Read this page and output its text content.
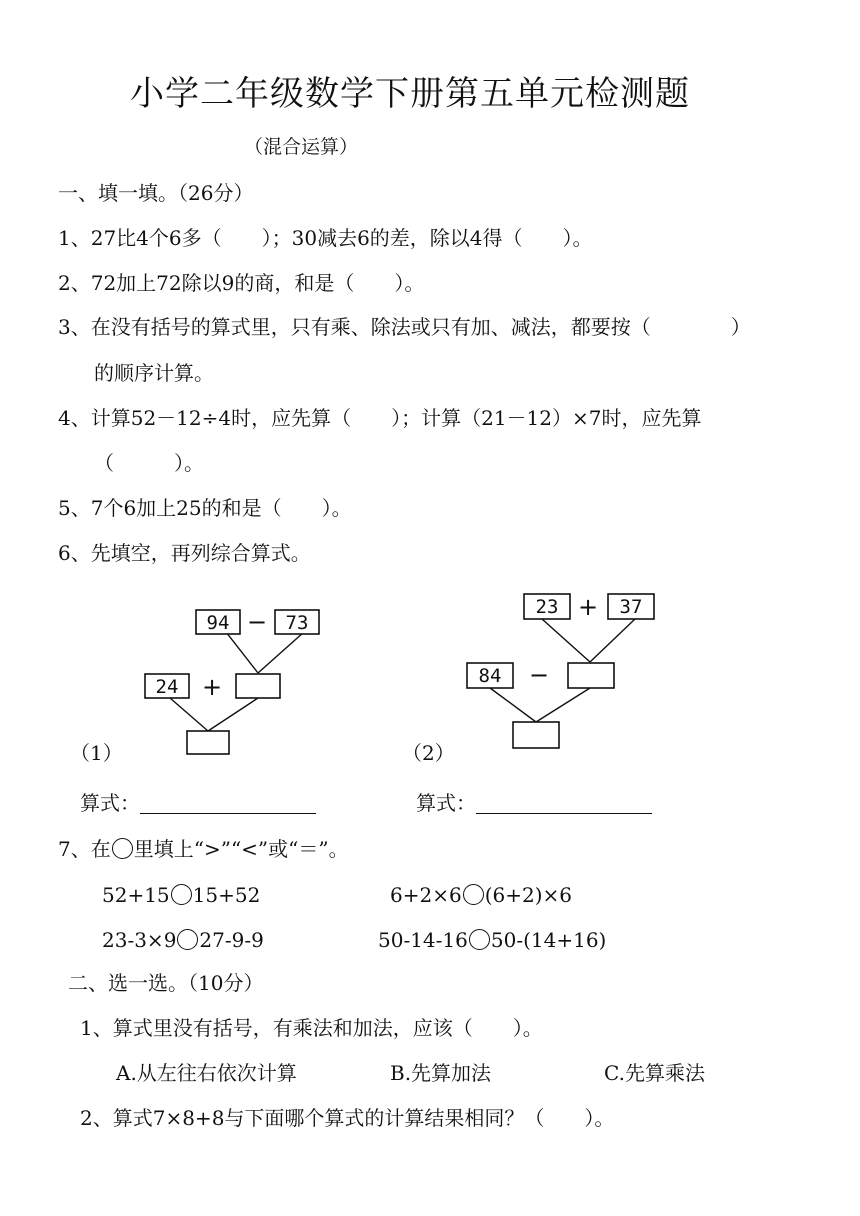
小学二年级数学下册第五单元检测题
（混合运算）
一、填一填。（26分）
1、27比4个6多（　　）；30减去6的差，除以4得（　　）。
2、72加上72除以9的商，和是（　　）。
3、在没有括号的算式里，只有乘、除法或只有加、减法，都要按（　　　　）
的顺序计算。
4、计算52－12÷4时，应先算（　　）；计算（21－12）×7时，应先算
（　　　）。
5、7个6加上25的和是（　　）。
6、先填空，再列综合算式。
94 − 73
24 +
23 + 37
84 −
（1）	（2）
算式：	算式：
7、在 里填上“>”“<”或“＝”。
52+15 15+52	6+2×6 (6+2)×6
23-3×9 27-9-9	50-14-16 50-(14+16)
二、选一选。（10分）
1、算式里没有括号，有乘法和加法，应该（　　）。
A.从左往右依次计算	B.先算加法	C.先算乘法
2、算式7×8+8与下面哪个算式的计算结果相同？（　　）。
